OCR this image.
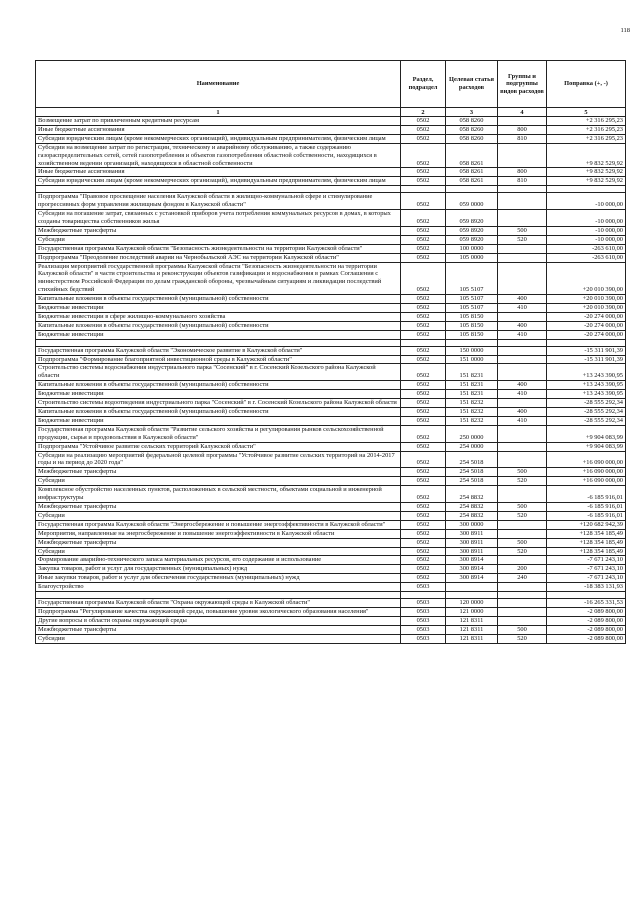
118
Наименование	Раздел, подраздел	Целевая статья расходов	Группы и подгруппы видов расходов	Поправка (+, -)
1	2	3	4	5
Возмещение затрат по привлеченным кредитным ресурсам	0502	058 8260		+2 316 295,23
Иные бюджетные ассигнования	0502	058 8260	800	+2 316 295,23
Субсидии юридическим лицам (кроме некоммерческих организаций), индивидуальным предпринимателям, физическим лицам	0502	058 8260	810	+2 316 295,23
Субсидии на возмещение затрат по регистрации, техническому и аварийному обслуживанию, а также содержанию газораспределительных сетей, сетей газопотребления и объектов газопотребления областной собственности, находящихся в хозяйственном ведении организаций, находящихся в областной собственности	0502	058 8261		+9 832 529,92
Иные бюджетные ассигнования	0502	058 8261	800	+9 832 529,92
Субсидии юридическим лицам (кроме некоммерческих организаций), индивидуальным предпринимателям, физическим лицам	0502	058 8261	810	+9 832 529,92

Подпрограмма "Правовое просвещение населения Калужской области в жилищно-коммунальной сфере и стимулирование прогрессивных форм управления жилищным фондом в Калужской области"	0502	059 0000		-10 000,00
Субсидии на погашение затрат, связанных с установкой приборов учета потребления коммунальных ресурсов в домах, в которых созданы товарищества собственников жилья	0502	059 8920		-10 000,00
Межбюджетные трансферты	0502	059 8920	500	-10 000,00
Субсидии	0502	059 8920	520	-10 000,00
Государственная программа Калужской области "Безопасность жизнедеятельности на территории Калужской области"	0502	100 0000		-263 610,00
Подпрограмма "Преодоление последствий аварии на Чернобыльской АЭС на территории Калужской области"	0502	105 0000		-263 610,00
Реализация мероприятий государственной программы Калужской области "Безопасность жизнедеятельности на территории Калужской области" в части строительства и реконструкции объектов газификации и водоснабжения в рамках Соглашения с министерством Российской Федерации по делам гражданской обороны, чрезвычайным ситуациям и ликвидации последствий стихийных бедствий	0502	105 5107		+20 010 390,00
Капитальные вложения в объекты государственной (муниципальной) собственности	0502	105 5107	400	+20 010 390,00
Бюджетные инвестиции	0502	105 5107	410	+20 010 390,00
Бюджетные инвестиции в сфере жилищно-коммунального хозяйства	0502	105 8150		-20 274 000,00
Капитальные вложения в объекты государственной (муниципальной) собственности	0502	105 8150	400	-20 274 000,00
Бюджетные инвестиции	0502	105 8150	410	-20 274 000,00

Государственная программа Калужской области "Экономическое развитие в Калужской области"	0502	150 0000		-15 311 901,39
Подпрограмма "Формирование благоприятной инвестиционной среды в Калужской области"	0502	151 0000		-15 311 901,39
Строительство системы водоснабжения индустриального парка "Сосенский" в г. Сосенский Козельского района Калужской области	0502	151 8231		+13 243 390,95
Капитальные вложения в объекты государственной (муниципальной) собственности	0502	151 8231	400	+13 243 390,95
Бюджетные инвестиции	0502	151 8231	410	+13 243 390,95
Строительство системы водоотведения индустриального парка "Сосенский" в г. Сосенский Козельского района Калужской области	0502	151 8232		-28 555 292,34
Капитальные вложения в объекты государственной (муниципальной) собственности	0502	151 8232	400	-28 555 292,34
Бюджетные инвестиции	0502	151 8232	410	-28 555 292,34
Государственная программа Калужской области "Развитие сельского хозяйства и регулирования рынков сельскохозяйственной продукции, сырья и продовольствия в Калужской области"	0502	250 0000		+9 904 083,99
Подпрограмма "Устойчивое развитие сельских территорий Калужской области"	0502	254 0000		+9 904 083,99
Субсидии на реализацию мероприятий федеральной целевой программы "Устойчивое развитие сельских территорий на 2014-2017 годы и на период до 2020 года"	0502	254 5018		+16 090 000,00
Межбюджетные трансферты	0502	254 5018	500	+16 090 000,00
Субсидии	0502	254 5018	520	+16 090 000,00
Комплексное обустройство населенных пунктов, расположенных в сельской местности, объектами социальной и инженерной инфраструктуры	0502	254 8832		-6 185 916,01
Межбюджетные трансферты	0502	254 8832	500	-6 185 916,01
Субсидии	0502	254 8832	520	-6 185 916,01
Государственная программа Калужской области "Энергосбережение и повышение энергоэффективности в Калужской области"	0502	300 0000		+120 682 942,39
Мероприятия, направленные на энергосбережение и повышение энергоэффективности в Калужской области	0502	300 8911		+128 354 185,49
Межбюджетные трансферты	0502	300 8911	500	+128 354 185,49
Субсидии	0502	300 8911	520	+128 354 185,49
Формирование аварийно-технического запаса материальных ресурсов, его содержание и использование	0502	300 8914		-7 671 243,10
Закупка товаров, работ и услуг для государственных (муниципальных) нужд	0502	300 8914	200	-7 671 243,10
Иные закупки товаров, работ и услуг для обеспечения государственных (муниципальных) нужд	0502	300 8914	240	-7 671 243,10
Благоустройство	0503			-18 383 131,93

Государственная программа Калужской области "Охрана окружающей среды в Калужской области"	0503	120 0000		-16 265 331,53
Подпрограмма "Регулирование качества окружающей среды, повышение уровня экологического образования населения"	0503	121 0000		-2 089 800,00
Другие вопросы в области охраны окружающей среды	0503	121 8311		-2 089 800,00
Межбюджетные трансферты	0503	121 8311	500	-2 089 800,00
Субсидии	0503	121 8311	520	-2 089 800,00
